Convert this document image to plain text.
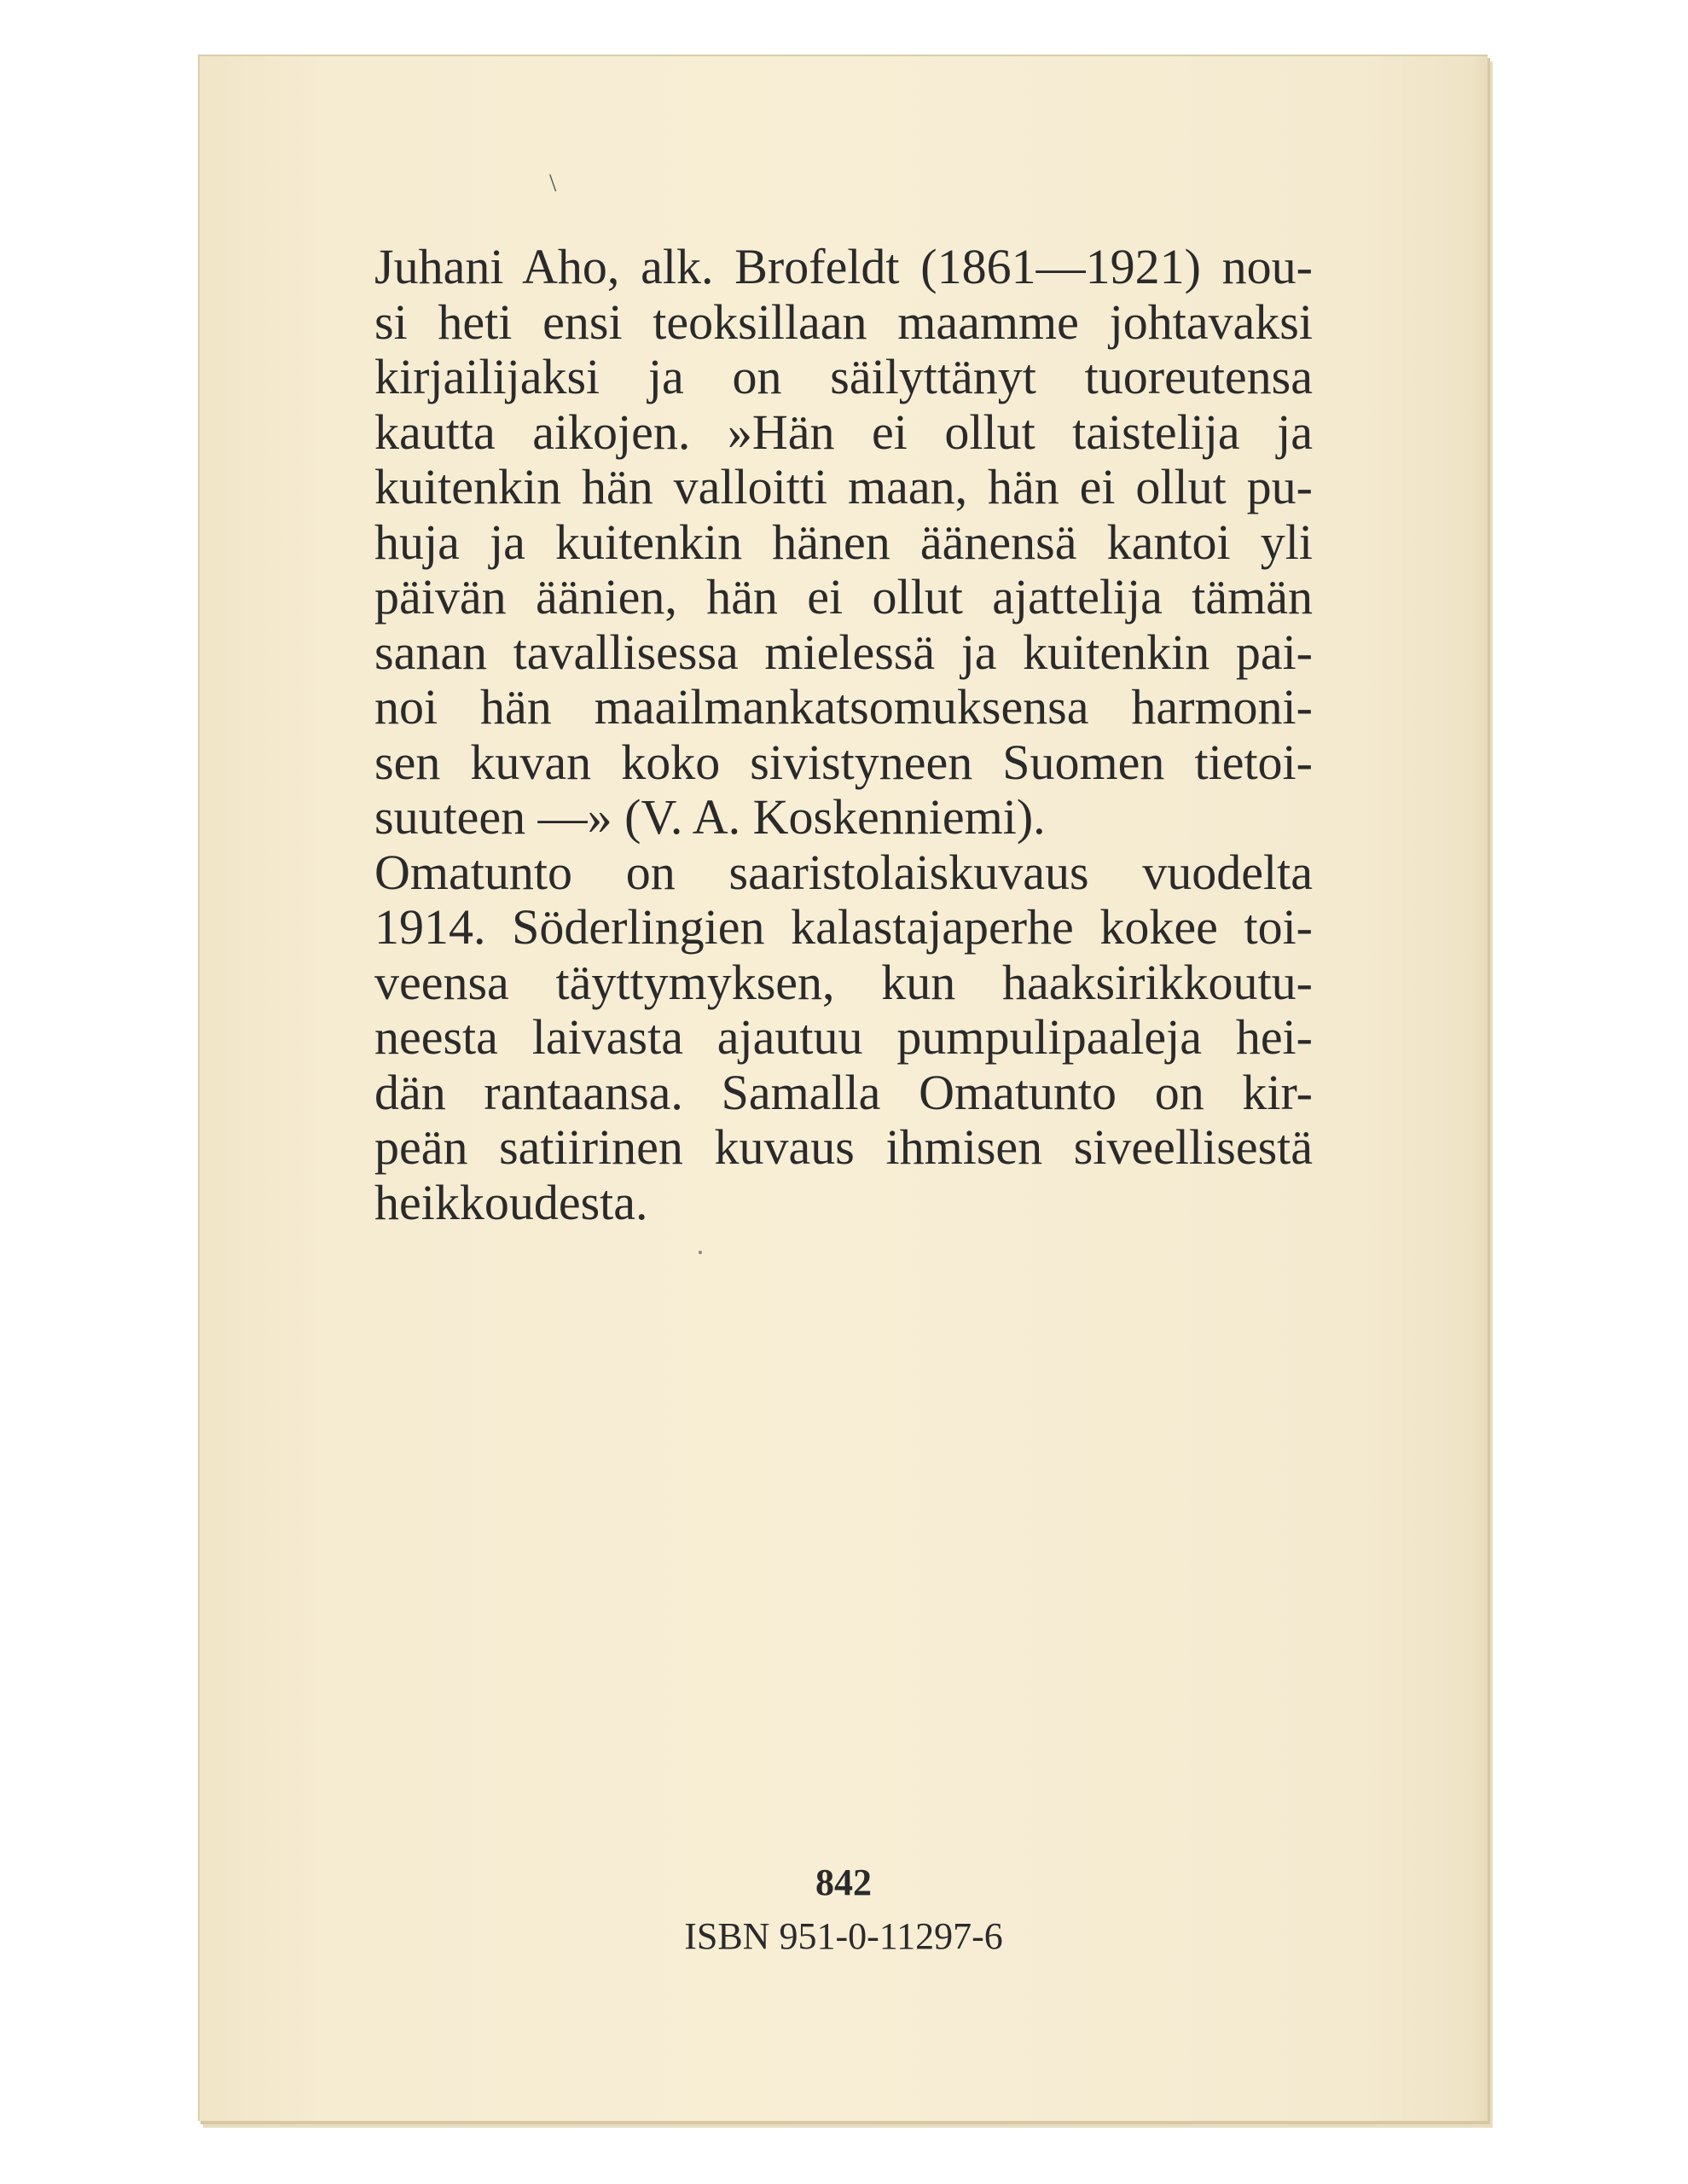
\
Juhani Aho, alk. Brofeldt (1861—1921) nou-
si heti ensi teoksillaan maamme johtavaksi
kirjailijaksi ja on säilyttänyt tuoreutensa
kautta aikojen. »Hän ei ollut taistelija ja
kuitenkin hän valloitti maan, hän ei ollut pu-
huja ja kuitenkin hänen äänensä kantoi yli
päivän äänien, hän ei ollut ajattelija tämän
sanan tavallisessa mielessä ja kuitenkin pai-
noi hän maailmankatsomuksensa harmoni-
sen kuvan koko sivistyneen Suomen tietoi-
suuteen —» (V. A. Koskenniemi).
Omatunto on saaristolaiskuvaus vuodelta
1914. Söderlingien kalastajaperhe kokee toi-
veensa täyttymyksen, kun haaksirikkoutu-
neesta laivasta ajautuu pumpulipaaleja hei-
dän rantaansa. Samalla Omatunto on kir-
peän satiirinen kuvaus ihmisen siveellisestä
heikkoudesta.
842
ISBN 951-0-11297-6
